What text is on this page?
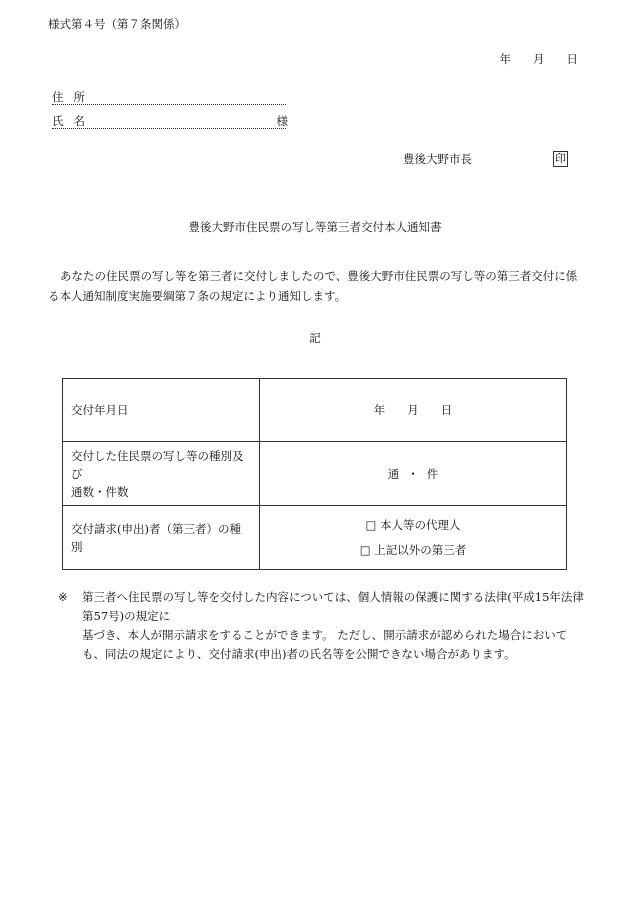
様式第４号（第７条関係）
年 月 日
住所
氏名	様
豊後大野市長	印
豊後大野市住民票の写し等第三者交付本人通知書
あなたの住民票の写し等を第三者に交付しましたので、豊後大野市住民票の写し等の第三者交付に係る本人通知制度実施要綱第７条の規定により通知します。
記
交付年月日	年 月 日

交付した住民票の写し等の種別及び
通数・件数	通 ・ 件
交付請求(申出)者（第三者）の種別	□ 本人等の代理人
□ 上記以外の第三者
※ 第三者へ住民票の写し等を交付した内容については、個人情報の保護に関する法律(平成15年法律第57号)の規定に

基づき、本人が開示請求をすることができます。 ただし、開示請求が認められた場合において

も、同法の規定により、交付請求(申出)者の氏名等を公開できない場合があります。
